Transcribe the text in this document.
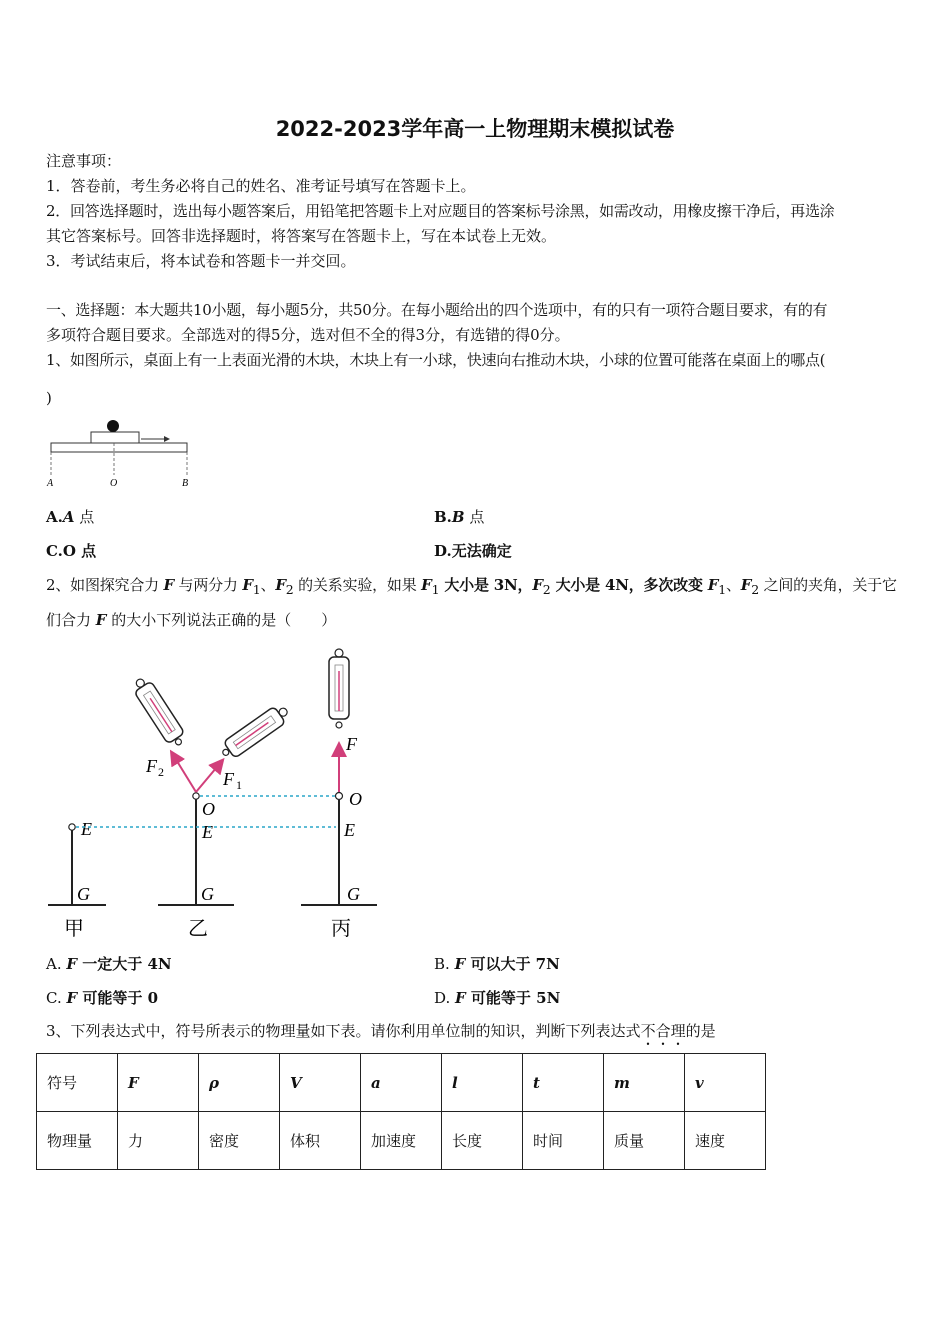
2022-2023学年高一上物理期末模拟试卷
注意事项：
1．答卷前，考生务必将自己的姓名、准考证号填写在答题卡上。
2．回答选择题时，选出每小题答案后，用铅笔把答题卡上对应题目的答案标号涂黑，如需改动，用橡皮擦干净后，再选涂
其它答案标号。回答非选择题时，将答案写在答题卡上，写在本试卷上无效。
3．考试结束后，将本试卷和答题卡一并交回。
一、选择题：本大题共10小题，每小题5分，共50分。在每小题给出的四个选项中，有的只有一项符合题目要求，有的有
多项符合题目要求。全部选对的得5分，选对但不全的得3分，有选错的得0分。
1、如图所示，桌面上有一上表面光滑的木块，木块上有一小球，快速向右推动木块，小球的位置可能落在桌面上的哪点(
)
A	O	B
A.A 点	B.B 点
C.O 点	D.无法确定
2、如图探究合力 F 与两分力 $F_1$、$F_2$ 的关系实验，如果 $F_1$ 大小是 3N，$F_2$ 大小是 4N，多次改变 $F_1$、$F_2$ 之间的夹角，关于它
们合力 F 的大小下列说法正确的是（　　）
E
G
甲
F 2	F 1
O
E
G
乙
F
O
E
G
丙
A. F 一定大于 4N	B. F 可以大于 7N
C. F 可能等于 0	D. F 可能等于 5N
3、下列表达式中，符号所表示的物理量如下表。请你利用单位制的知识，判断下列表达式不合理的是
符号	F	ρ	V	a	l	t	m	v
物理量	力	密度	体积	加速度	长度	时间	质量	速度
